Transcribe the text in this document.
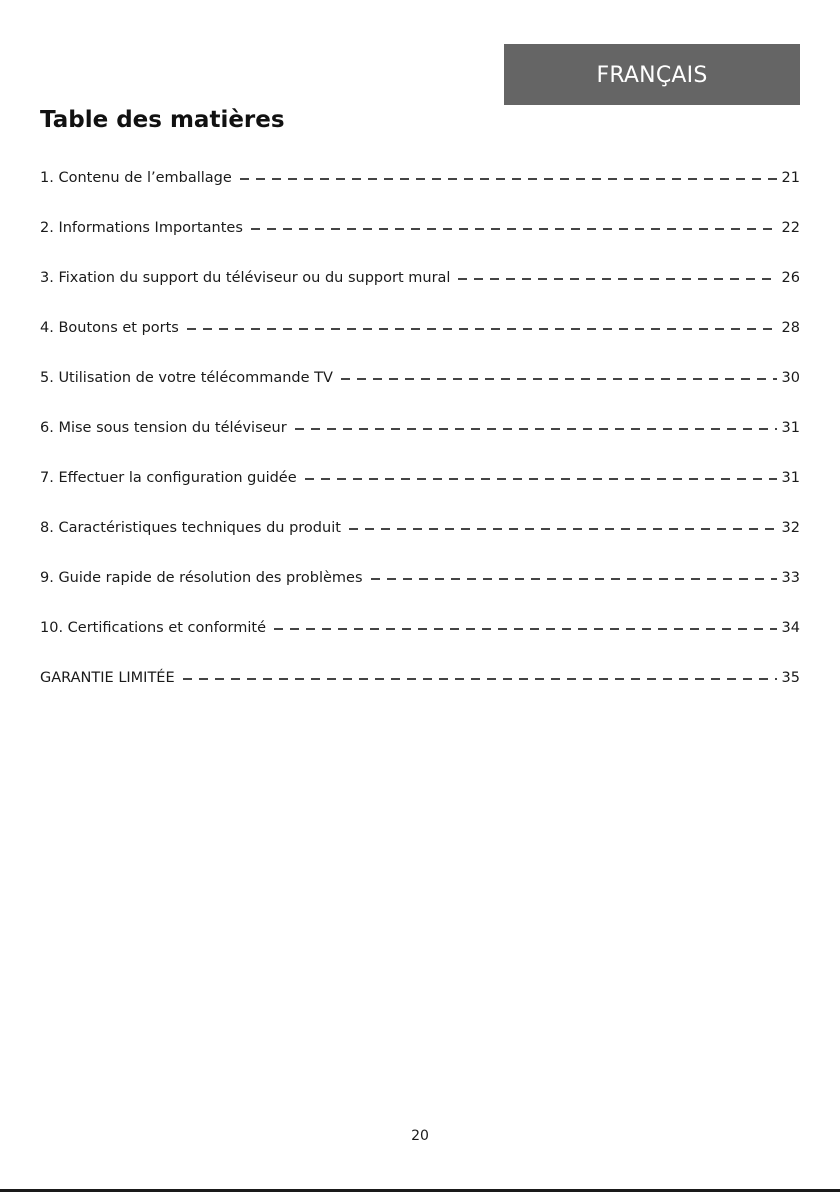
FRANÇAIS
Table des matières
1. Contenu de l’emballage	21
2. Informations Importantes	22
3. Fixation du support du téléviseur ou du support mural	26
4. Boutons et ports	28
5. Utilisation de votre télécommande TV	30
6. Mise sous tension du téléviseur	31
7. Effectuer la configuration guidée	31
8. Caractéristiques techniques du produit	32
9. Guide rapide de résolution des problèmes	33
10. Certifications et conformité	34
GARANTIE LIMITÉE	35
20
